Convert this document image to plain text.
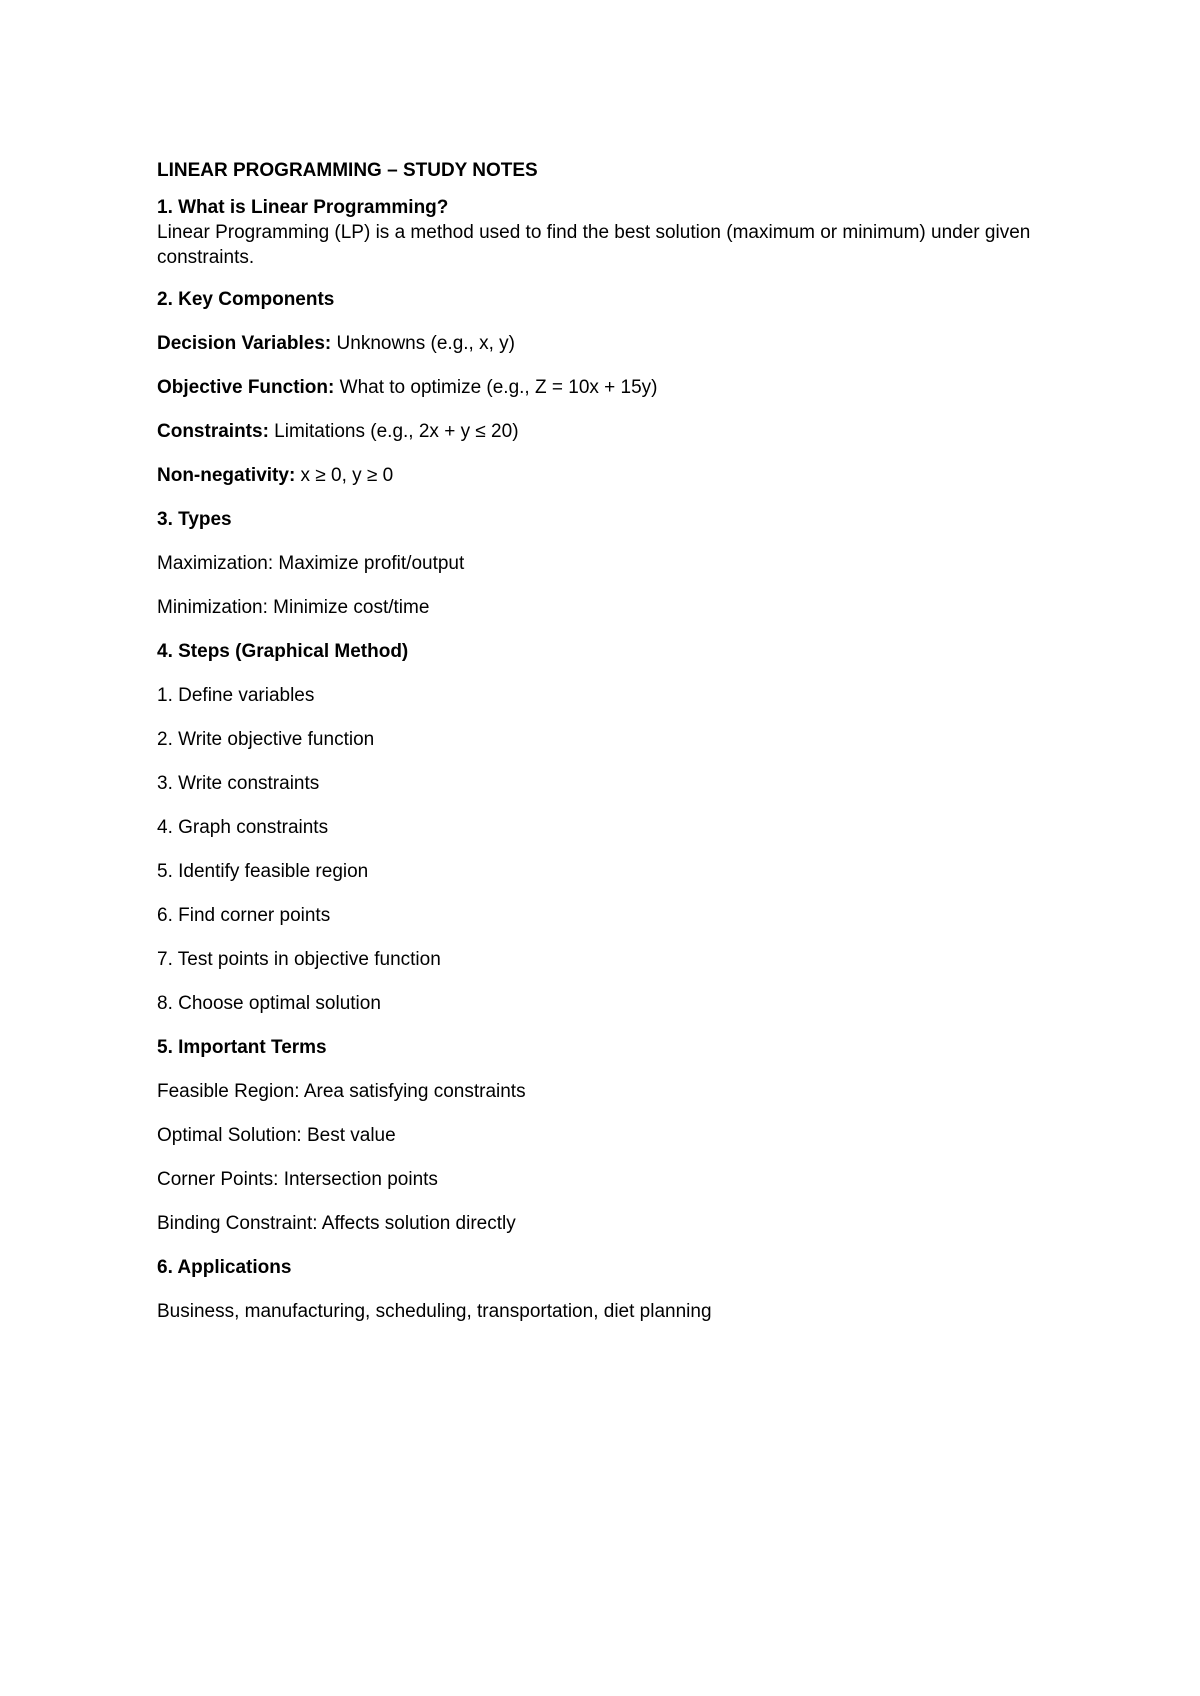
LINEAR PROGRAMMING – STUDY NOTES
1. What is Linear Programming?
Linear Programming (LP) is a method used to find the best solution (maximum or minimum) under given constraints.
2. Key Components
Decision Variables: Unknowns (e.g., x, y)
Objective Function: What to optimize (e.g., Z = 10x + 15y)
Constraints: Limitations (e.g., 2x + y ≤ 20)
Non-negativity: x ≥ 0, y ≥ 0
3. Types
Maximization: Maximize profit/output
Minimization: Minimize cost/time
4. Steps (Graphical Method)
1. Define variables
2. Write objective function
3. Write constraints
4. Graph constraints
5. Identify feasible region
6. Find corner points
7. Test points in objective function
8. Choose optimal solution
5. Important Terms
Feasible Region: Area satisfying constraints
Optimal Solution: Best value
Corner Points: Intersection points
Binding Constraint: Affects solution directly
6. Applications
Business, manufacturing, scheduling, transportation, diet planning
